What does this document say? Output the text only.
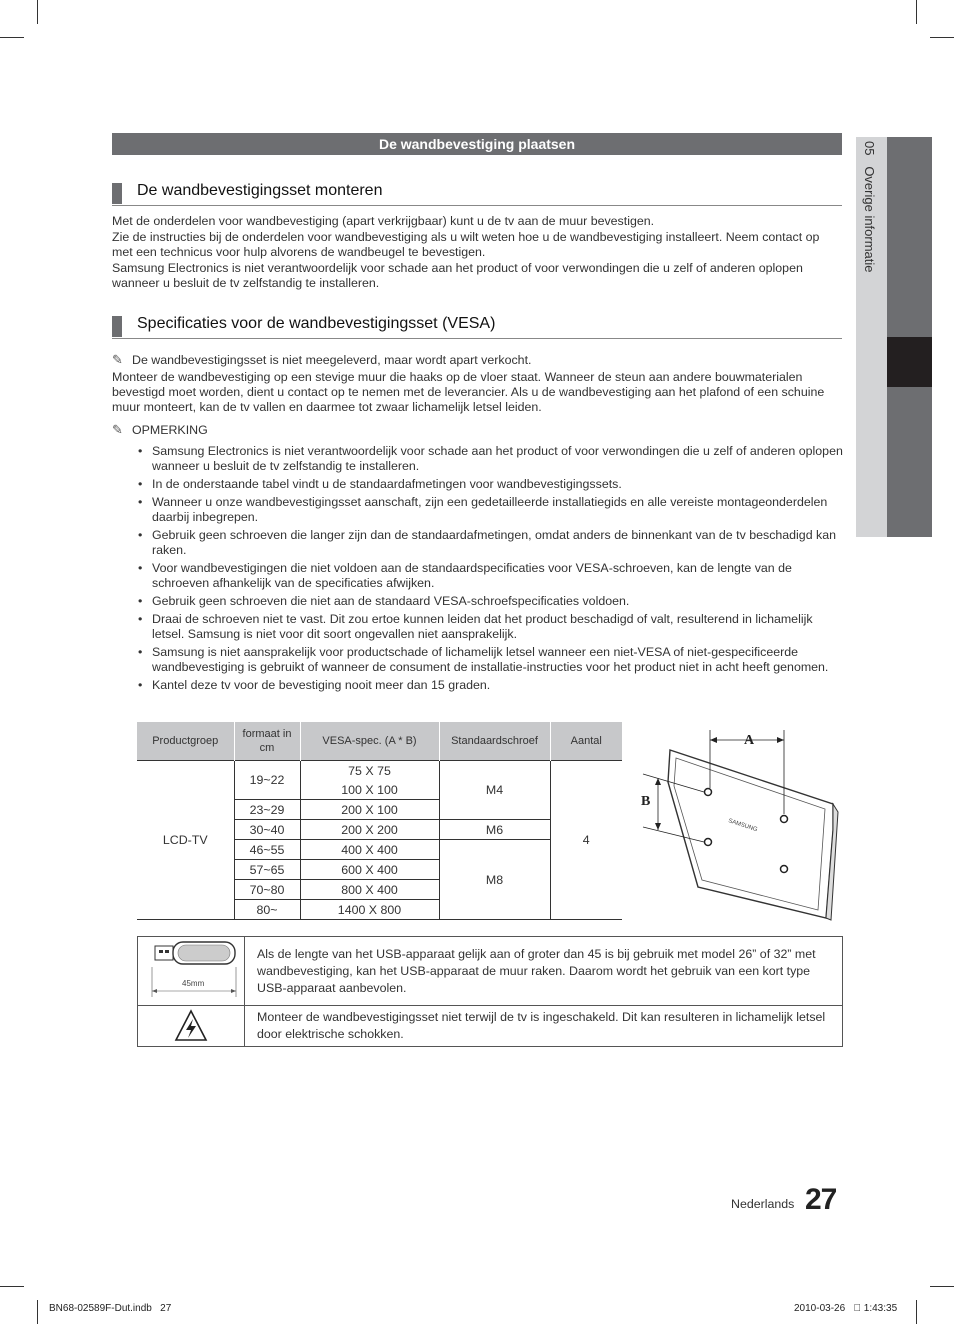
05   Overige informatie
De wandbevestiging plaatsen
De wandbevestigingsset monteren

Met de onderdelen voor wandbevestiging (apart verkrijgbaar) kunt u de tv aan de muur bevestigen.

Zie de instructies bij de onderdelen voor wandbevestiging als u wilt weten hoe u de wandbevestiging installeert. Neem contact op met een technicus voor hulp alvorens de wandbeugel te bevestigen.

Samsung Electronics is niet verantwoordelijk voor schade aan het product of voor verwondingen die u zelf of anderen oplopen wanneer u besluit de tv zelfstandig te installeren.

Specificaties voor de wandbevestigingsset (VESA)
✎ De wandbevestigingsset is niet meegeleverd, maar wordt apart verkocht.
Monteer de wandbevestiging op een stevige muur die haaks op de vloer staat. Wanneer de steun aan andere bouwmaterialen bevestigd moet worden, dient u contact op te nemen met de leverancier. Als u de wandbevestiging aan het plafond of een schuine muur monteert, kan de tv vallen en daarmee tot zwaar lichamelijk letsel leiden.
✎ OPMERKING
• Samsung Electronics is niet verantwoordelijk voor schade aan het product of voor verwondingen die u zelf of anderen oplopen wanneer u besluit de tv zelfstandig te installeren.
• In de onderstaande tabel vindt u de standaardafmetingen voor wandbevestigingssets.
• Wanneer u onze wandbevestigingsset aanschaft, zijn een gedetailleerde installatiegids en alle vereiste montageonderdelen daarbij inbegrepen.
• Gebruik geen schroeven die langer zijn dan de standaardafmetingen, omdat anders de binnenkant van de tv beschadigd kan raken.
• Voor wandbevestigingen die niet voldoen aan de standaardspecificaties voor VESA-schroeven, kan de lengte van de schroeven afhankelijk van de specificaties afwijken.
• Gebruik geen schroeven die niet aan de standaard VESA-schroefspecificaties voldoen.
• Draai de schroeven niet te vast. Dit zou ertoe kunnen leiden dat het product beschadigd of valt, resulterend in lichamelijk letsel. Samsung is niet voor dit soort ongevallen niet aansprakelijk.
• Samsung is niet aansprakelijk voor productschade of lichamelijk letsel wanneer een niet-VESA of niet-gespecificeerde wandbevestiging is gebruikt of wanneer de consument de installatie-instructies voor het product niet in acht heeft genomen.
• Kantel deze tv voor de bevestiging nooit meer dan 15 graden.
Productgroep	formaat in cm	VESA-spec. (A * B)	Standaardschroef	Aantal
LCD-TV	19~22	75 X 75	M4	4
		100 X 100		
	23~29	200 X 100		
	30~40	200 X 200	M6	
	46~55	400 X 400	M8	
	57~65	600 X 400		
	70~80	800 X 400		
	80~	1400 X 800		
SAMSUNG
A
B
45mm
Als de lengte van het USB-apparaat gelijk aan of groter dan 45 is bij gebruik met model 26” of 32” met wandbevestiging, kan het USB-apparaat de muur raken. Daarom wordt het gebruik van een kort type USB-apparaat aanbevolen.
Monteer de wandbevestigingsset niet terwijl de tv is ingeschakeld. Dit kan resulteren in lichamelijk letsel door elektrische schokken.
Nederlands 27
BN68-02589F-Dut.indb   27	2010-03-26   ￿ 1:43:35
